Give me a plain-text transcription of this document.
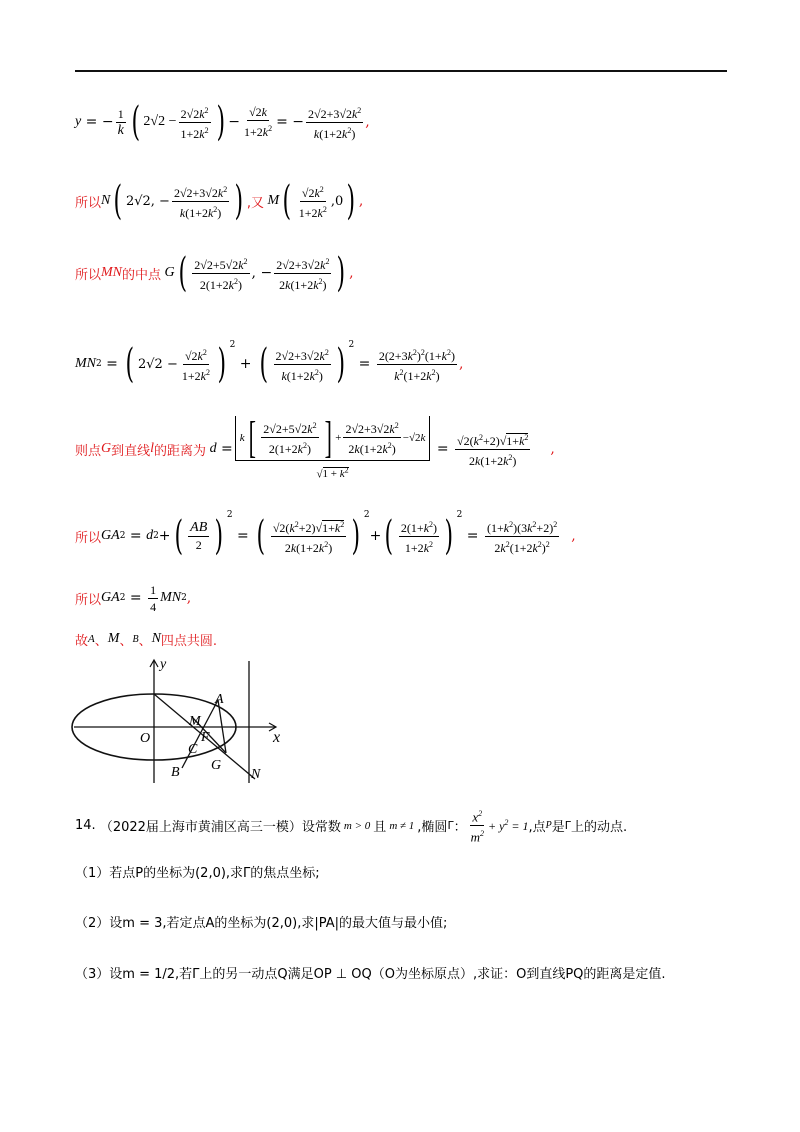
y = − $\frac{1}{k}$ ( $2√2 - \frac{2√2k^2}{1+2k^2}$ ) − $\frac{√2k}{1+2k^2}$ = − $\frac{2√2+3√2k^2}{k(1+2k^2)}$ ,
所以 N ( 2√2, − $\frac{2√2+3√2k^2}{k(1+2k^2)}$ ) ,又 M ( $\frac{√2k^2}{1+2k^2} ,0$ ) ,
所以 MN 的中点 G ( $\frac{2√2+5√2k^2}{2(1+2k^2)}$ , − $\frac{2√2+3√2k^2}{2k(1+2k^2)}$ ) ,
MN 2 = ( $2√2 - \frac{√2k^2}{1+2k^2}$ ) $^2$
+ ( $\frac{2√2+3√2k^2}{k(1+2k^2)}$ ) $^2$
= $\frac{2(2+3k^2)^2(1+k^2)}{k^2(1+2k^2)}$ ,
则点 G 到直线 l 的距离为 d =
k [ $\frac{2√2+5√2k^2}{2(1+2k^2)}$ ] + $\frac{2√2+3√2k^2}{2k(1+2k^2)} -√2$ k
$√1 + k^2$
= $\frac{√2(k^2+2)√1+k^2}{2k(1+2k^2)}$ ,
所以 GA 2 = d 2 + ( $\frac{AB}{2}$ ) $^2$
= ( $\frac{√2(k^2+2)√1+k^2}{2k(1+2k^2)}$ ) $^2$
+ ( $\frac{2(1+k^2)}{1+2k^2}$ ) $^2$
= $\frac{(1+k^2)(3k^2+2)^2}{2k^2(1+2k^2)^2}$ ,
所以 GA $2 = \frac{1}{4}$ MN 2 ,
故 A 、 M 、 B 、 N 四点共圆.
y
x
O
A
M
F
C
B G
N
14.
（2022届上海市黄浦区高三一模）设常数 m > 0 且 m ≠ 1 ,椭圆 Γ ： $\frac{x^2}{m^2} + y^2 = 1$ ,点 P 是 Γ 上的动点.
（1）若点P的坐标为(2,0),求Γ的焦点坐标;
（2）设m = 3,若定点A的坐标为(2,0),求|PA|的最大值与最小值;
（3）设m = 1/2,若Γ上的另一动点Q满足OP ⊥ OQ（O为坐标原点）,求证：O到直线PQ的距离是定值.
